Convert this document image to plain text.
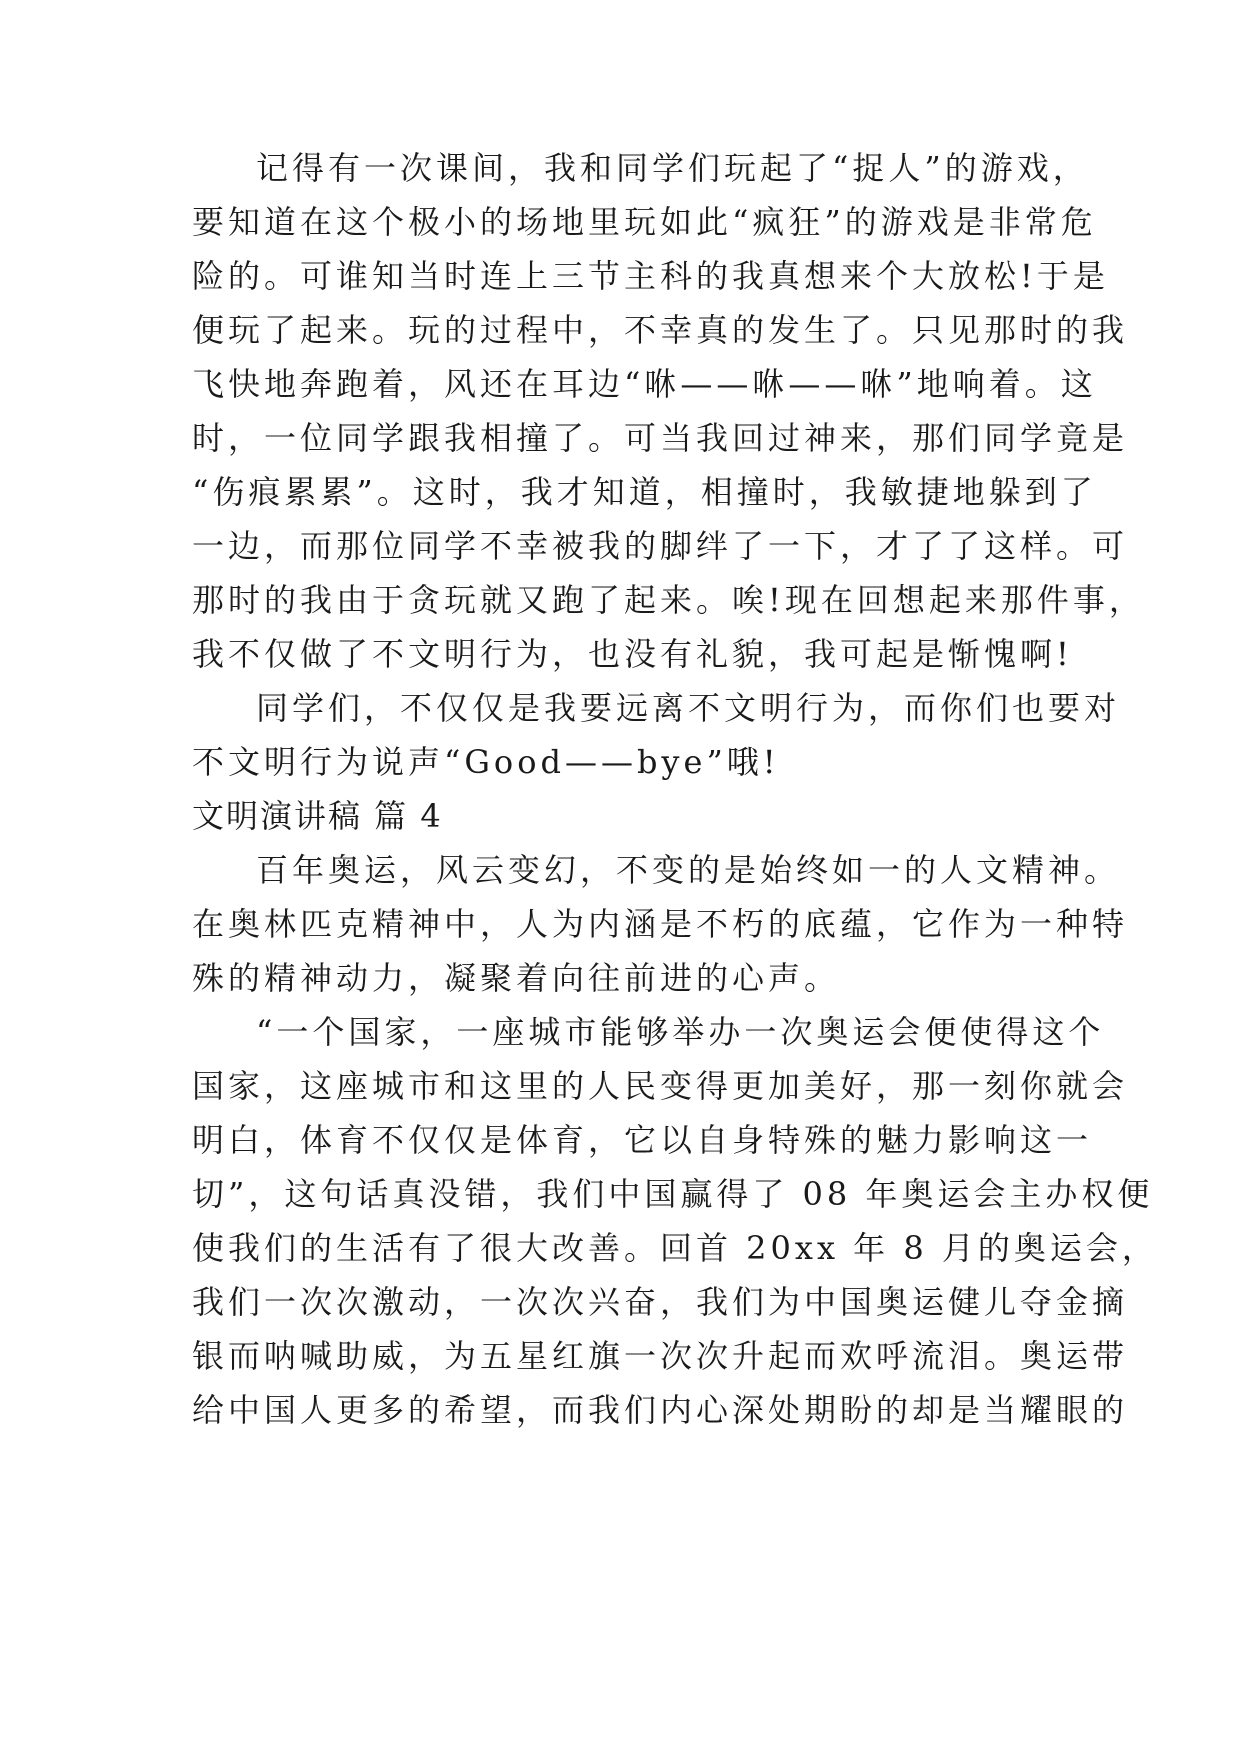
记得有一次课间，我和同学们玩起了“捉人”的游戏，
要知道在这个极小的场地里玩如此“疯狂”的游戏是非常危
险的。可谁知当时连上三节主科的我真想来个大放松!于是
便玩了起来。玩的过程中，不幸真的发生了。只见那时的我
飞快地奔跑着，风还在耳边“咻——咻——咻”地响着。这
时，一位同学跟我相撞了。可当我回过神来，那们同学竟是
“伤痕累累”。这时，我才知道，相撞时，我敏捷地躲到了
一边，而那位同学不幸被我的脚绊了一下，才了了这样。可
那时的我由于贪玩就又跑了起来。唉!现在回想起来那件事，
我不仅做了不文明行为，也没有礼貌，我可起是惭愧啊!
同学们，不仅仅是我要远离不文明行为，而你们也要对
不文明行为说声“Good——bye”哦!
文明演讲稿 篇 4
百年奥运，风云变幻，不变的是始终如一的人文精神。
在奥林匹克精神中，人为内涵是不朽的底蕴，它作为一种特
殊的精神动力，凝聚着向往前进的心声。
“一个国家，一座城市能够举办一次奥运会便使得这个
国家，这座城市和这里的人民变得更加美好，那一刻你就会
明白，体育不仅仅是体育，它以自身特殊的魅力影响这一
切”，这句话真没错，我们中国赢得了 08 年奥运会主办权便
使我们的生活有了很大改善。回首 20xx 年 8 月的奥运会，
我们一次次激动，一次次兴奋，我们为中国奥运健儿夺金摘
银而呐喊助威，为五星红旗一次次升起而欢呼流泪。奥运带
给中国人更多的希望，而我们内心深处期盼的却是当耀眼的
